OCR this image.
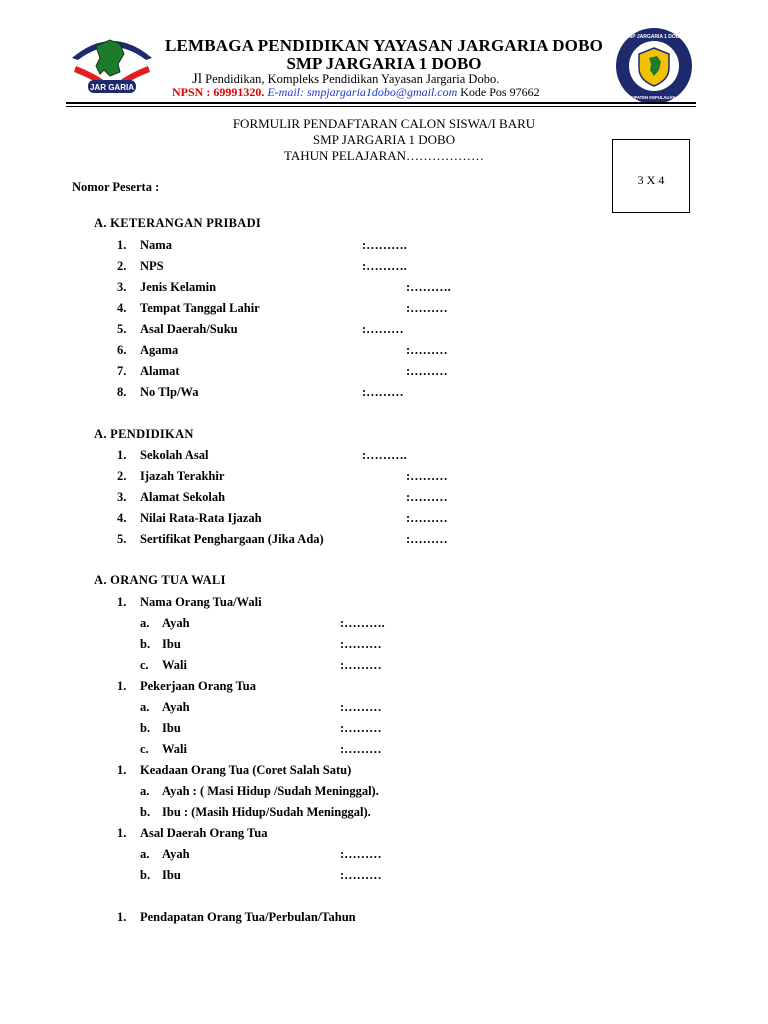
JAR GARIA
SMP JARGARIA 1 DOBO
KABUPATEN KEPULAUAN ARU
LEMBAGA PENDIDIKAN YAYASAN JARGARIA DOBO
SMP JARGARIA 1 DOBO
Jl Pendidikan, Kompleks Pendidikan Yayasan Jargaria Dobo.
NPSN : 69991320. E-mail: smpjargaria1dobo@gmail.com Kode Pos 97662
FORMULIR PENDAFTARAN CALON SISWA/I BARU
SMP JARGARIA 1 DOBO
TAHUN PELAJARAN………………
3 X 4
Nomor Peserta :
A. KETERANGAN PRIBADI
1. Nama	:……….
2. NPS	:……….
3. Jenis Kelamin	:……….
4. Tempat Tanggal Lahir	:………
5. Asal Daerah/Suku	:………
6. Agama	:………
7. Alamat	:………
8. No Tlp/Wa	:………
A. PENDIDIKAN
1. Sekolah Asal	:……….
2. Ijazah Terakhir	:………
3. Alamat Sekolah	:………
4. Nilai Rata-Rata Ijazah	:………
5. Sertifikat Penghargaan (Jika Ada)	:………
A. ORANG TUA WALI
1. Nama Orang Tua/Wali
a. Ayah	:……….
b. Ibu	:………
c. Wali	:………
1. Pekerjaan Orang Tua
a. Ayah	:………
b. Ibu	:………
c. Wali	:………
1. Keadaan Orang Tua (Coret Salah Satu)
a. Ayah : ( Masi Hidup /Sudah Meninggal).
b. Ibu : (Masih Hidup/Sudah Meninggal).
1. Asal Daerah Orang Tua
a. Ayah	:………
b. Ibu	:………
1. Pendapatan Orang Tua/Perbulan/Tahun
